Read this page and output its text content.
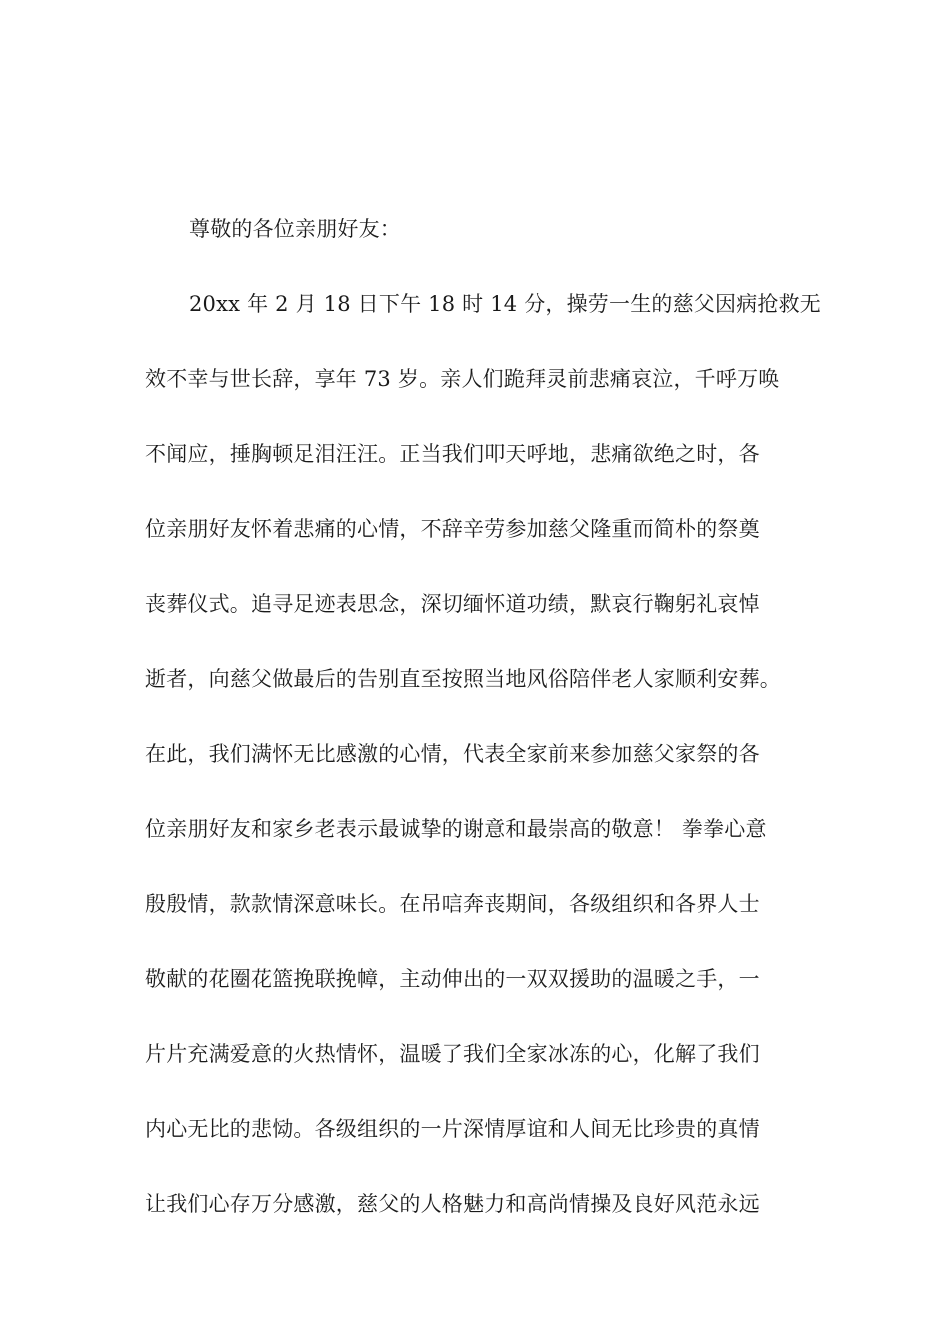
尊敬的各位亲朋好友：
20xx 年 2 月 18 日下午 18 时 14 分，操劳一生的慈父因病抢救无
效不幸与世长辞，享年 73 岁。亲人们跪拜灵前悲痛哀泣，千呼万唤
不闻应，捶胸顿足泪汪汪。正当我们叩天呼地，悲痛欲绝之时，各
位亲朋好友怀着悲痛的心情，不辞辛劳参加慈父隆重而简朴的祭奠
丧葬仪式。追寻足迹表思念，深切缅怀道功绩，默哀行鞠躬礼哀悼
逝者，向慈父做最后的告别直至按照当地风俗陪伴老人家顺利安葬。
在此，我们满怀无比感激的心情，代表全家前来参加慈父家祭的各
位亲朋好友和家乡老表示最诚挚的谢意和最崇高的敬意！ 拳拳心意
殷殷情，款款情深意味长。在吊唁奔丧期间，各级组织和各界人士
敬献的花圈花篮挽联挽幛，主动伸出的一双双援助的温暖之手，一
片片充满爱意的火热情怀，温暖了我们全家冰冻的心，化解了我们
内心无比的悲恸。各级组织的一片深情厚谊和人间无比珍贵的真情
让我们心存万分感激，慈父的人格魅力和高尚情操及良好风范永远
